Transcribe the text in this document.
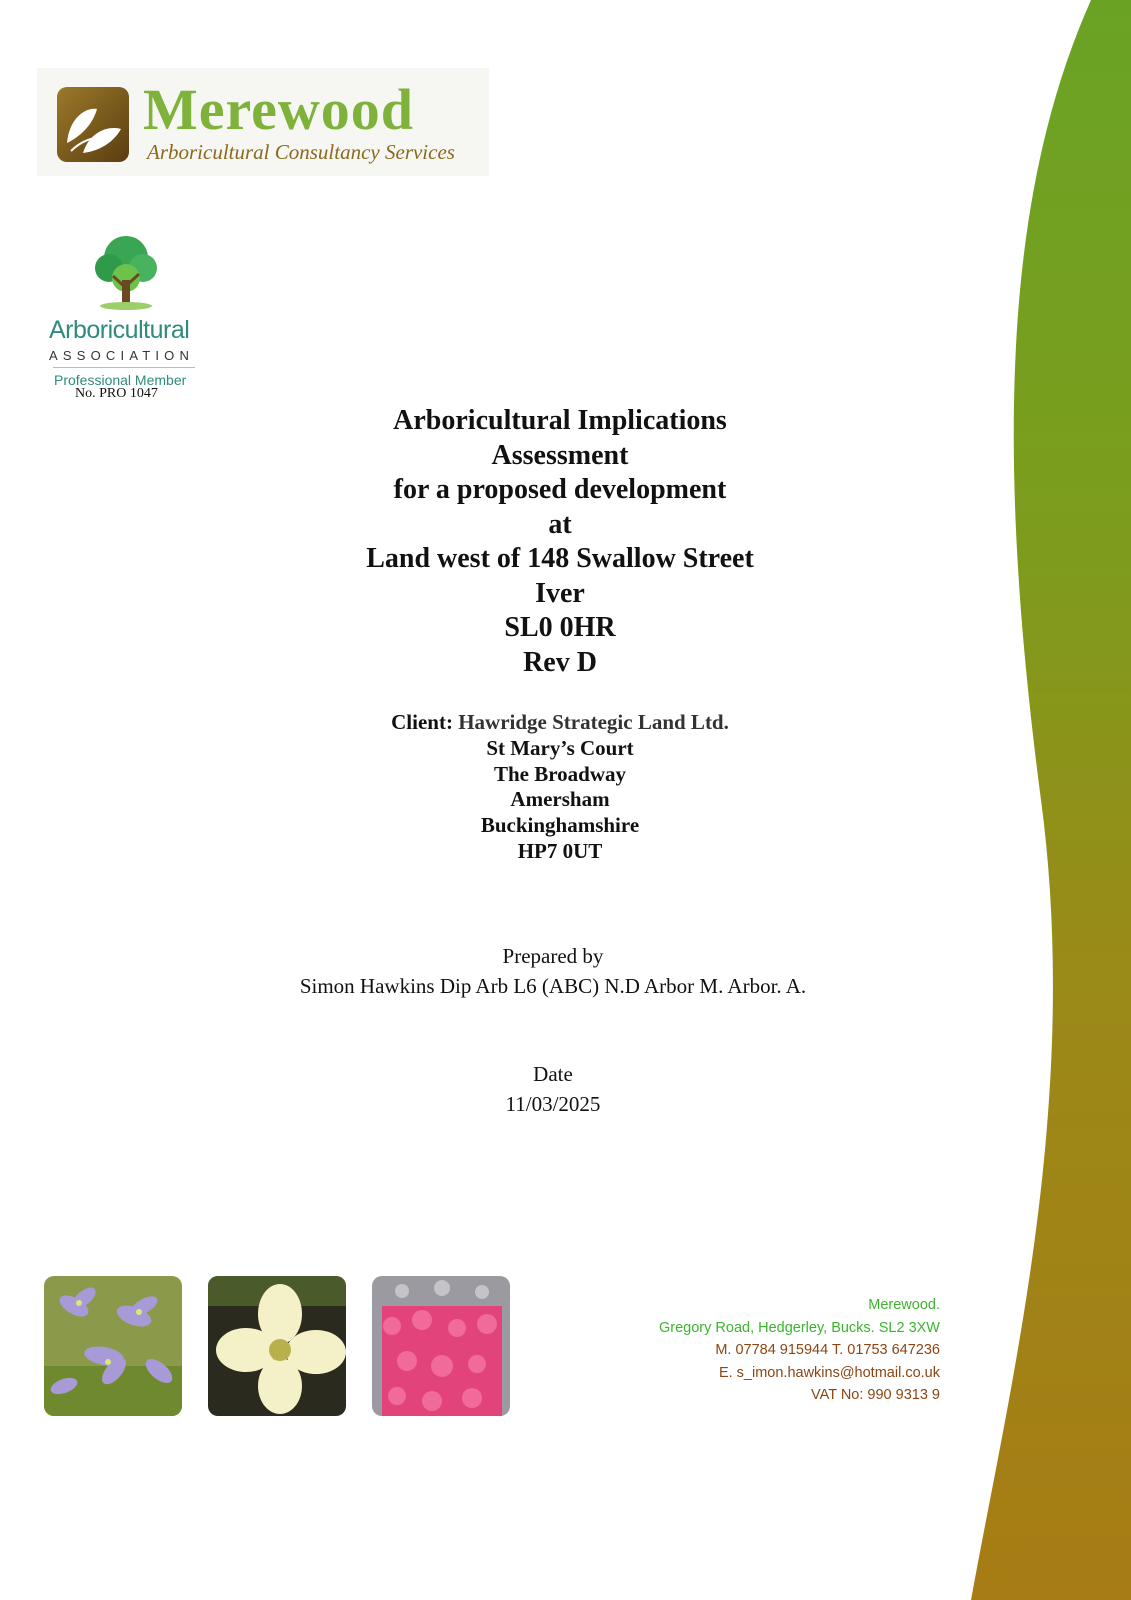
Merewood
Arboricultural Consultancy Services
Arboricultural
ASSOCIATION
Professional Member
No. PRO 1047
Arboricultural Implications
Assessment
for a proposed development
at
Land west of 148 Swallow Street
Iver
SL0 0HR
Rev D
Client: Hawridge Strategic Land Ltd.
St Mary’s Court
The Broadway
Amersham
Buckinghamshire
HP7 0UT
Prepared by
Simon Hawkins Dip Arb L6 (ABC) N.D Arbor M. Arbor. A.
Date
11/03/2025
Merewood.
Gregory Road, Hedgerley, Bucks. SL2 3XW
M. 07784 915944 T. 01753 647236
E. s_imon.hawkins@hotmail.co.uk
VAT No: 990 9313 9
